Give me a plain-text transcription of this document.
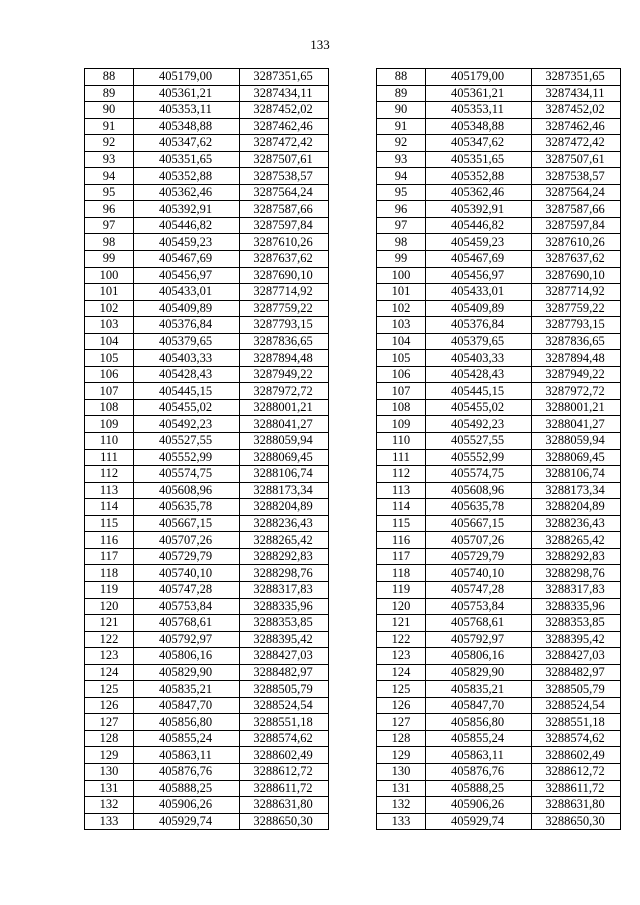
133
88	405179,00	3287351,65
89	405361,21	3287434,11
90	405353,11	3287452,02
91	405348,88	3287462,46
92	405347,62	3287472,42
93	405351,65	3287507,61
94	405352,88	3287538,57
95	405362,46	3287564,24
96	405392,91	3287587,66
97	405446,82	3287597,84
98	405459,23	3287610,26
99	405467,69	3287637,62
100	405456,97	3287690,10
101	405433,01	3287714,92
102	405409,89	3287759,22
103	405376,84	3287793,15
104	405379,65	3287836,65
105	405403,33	3287894,48
106	405428,43	3287949,22
107	405445,15	3287972,72
108	405455,02	3288001,21
109	405492,23	3288041,27
110	405527,55	3288059,94
111	405552,99	3288069,45
112	405574,75	3288106,74
113	405608,96	3288173,34
114	405635,78	3288204,89
115	405667,15	3288236,43
116	405707,26	3288265,42
117	405729,79	3288292,83
118	405740,10	3288298,76
119	405747,28	3288317,83
120	405753,84	3288335,96
121	405768,61	3288353,85
122	405792,97	3288395,42
123	405806,16	3288427,03
124	405829,90	3288482,97
125	405835,21	3288505,79
126	405847,70	3288524,54
127	405856,80	3288551,18
128	405855,24	3288574,62
129	405863,11	3288602,49
130	405876,76	3288612,72
131	405888,25	3288611,72
132	405906,26	3288631,80
133	405929,74	3288650,30
88	405179,00	3287351,65
89	405361,21	3287434,11
90	405353,11	3287452,02
91	405348,88	3287462,46
92	405347,62	3287472,42
93	405351,65	3287507,61
94	405352,88	3287538,57
95	405362,46	3287564,24
96	405392,91	3287587,66
97	405446,82	3287597,84
98	405459,23	3287610,26
99	405467,69	3287637,62
100	405456,97	3287690,10
101	405433,01	3287714,92
102	405409,89	3287759,22
103	405376,84	3287793,15
104	405379,65	3287836,65
105	405403,33	3287894,48
106	405428,43	3287949,22
107	405445,15	3287972,72
108	405455,02	3288001,21
109	405492,23	3288041,27
110	405527,55	3288059,94
111	405552,99	3288069,45
112	405574,75	3288106,74
113	405608,96	3288173,34
114	405635,78	3288204,89
115	405667,15	3288236,43
116	405707,26	3288265,42
117	405729,79	3288292,83
118	405740,10	3288298,76
119	405747,28	3288317,83
120	405753,84	3288335,96
121	405768,61	3288353,85
122	405792,97	3288395,42
123	405806,16	3288427,03
124	405829,90	3288482,97
125	405835,21	3288505,79
126	405847,70	3288524,54
127	405856,80	3288551,18
128	405855,24	3288574,62
129	405863,11	3288602,49
130	405876,76	3288612,72
131	405888,25	3288611,72
132	405906,26	3288631,80
133	405929,74	3288650,30
